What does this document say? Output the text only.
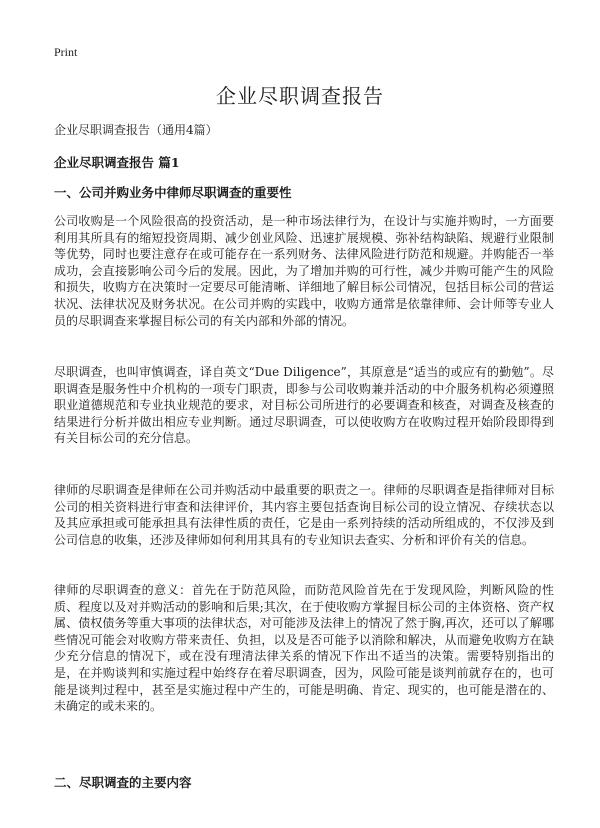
Print
企业尽职调查报告

企业尽职调查报告（通用4篇）

企业尽职调查报告 篇1
一、公司并购业务中律师尽职调查的重要性

公司收购是一个风险很高的投资活动，是一种市场法律行为，在设计与实施并购时，一方面要利用其所具有的缩短投资周期、减少创业风险、迅速扩展规模、弥补结构缺陷、规避行业限制等优势，同时也要注意存在或可能存在一系列财务、法律风险进行防范和规避。并购能否一举成功，会直接影响公司今后的发展。因此，为了增加并购的可行性，减少并购可能产生的风险和损失，收购方在决策时一定要尽可能清晰、详细地了解目标公司情况，包括目标公司的营运状况、法律状况及财务状况。在公司并购的实践中，收购方通常是依靠律师、会计师等专业人员的尽职调查来掌握目标公司的有关内部和外部的情况。

尽职调查，也叫审慎调查，译自英文“Due Diligence”，其原意是“适当的或应有的勤勉”。尽职调查是服务性中介机构的一项专门职责，即参与公司收购兼并活动的中介服务机构必须遵照职业道德规范和专业执业规范的要求，对目标公司所进行的必要调查和核查，对调查及核查的结果进行分析并做出相应专业判断。通过尽职调查，可以使收购方在收购过程开始阶段即得到有关目标公司的充分信息。

律师的尽职调查是律师在公司并购活动中最重要的职责之一。律师的尽职调查是指律师对目标公司的相关资料进行审查和法律评价，其内容主要包括查询目标公司的设立情况、存续状态以及其应承担或可能承担具有法律性质的责任，它是由一系列持续的活动所组成的，不仅涉及到公司信息的收集，还涉及律师如何利用其具有的专业知识去查实、分析和评价有关的信息。

律师的尽职调查的意义：首先在于防范风险，而防范风险首先在于发现风险，判断风险的性质、程度以及对并购活动的影响和后果;其次，在于使收购方掌握目标公司的主体资格、资产权属、债权债务等重大事项的法律状态，对可能涉及法律上的情况了然于胸,再次，还可以了解哪些情况可能会对收购方带来责任、负担，以及是否可能予以消除和解决，从而避免收购方在缺少充分信息的情况下，或在没有理清法律关系的情况下作出不适当的决策。需要特别指出的是，在并购谈判和实施过程中始终存在着尽职调查，因为，风险可能是谈判前就存在的，也可能是谈判过程中，甚至是实施过程中产生的，可能是明确、肯定、现实的，也可能是潜在的、未确定的或未来的。

二、尽职调查的主要内容
